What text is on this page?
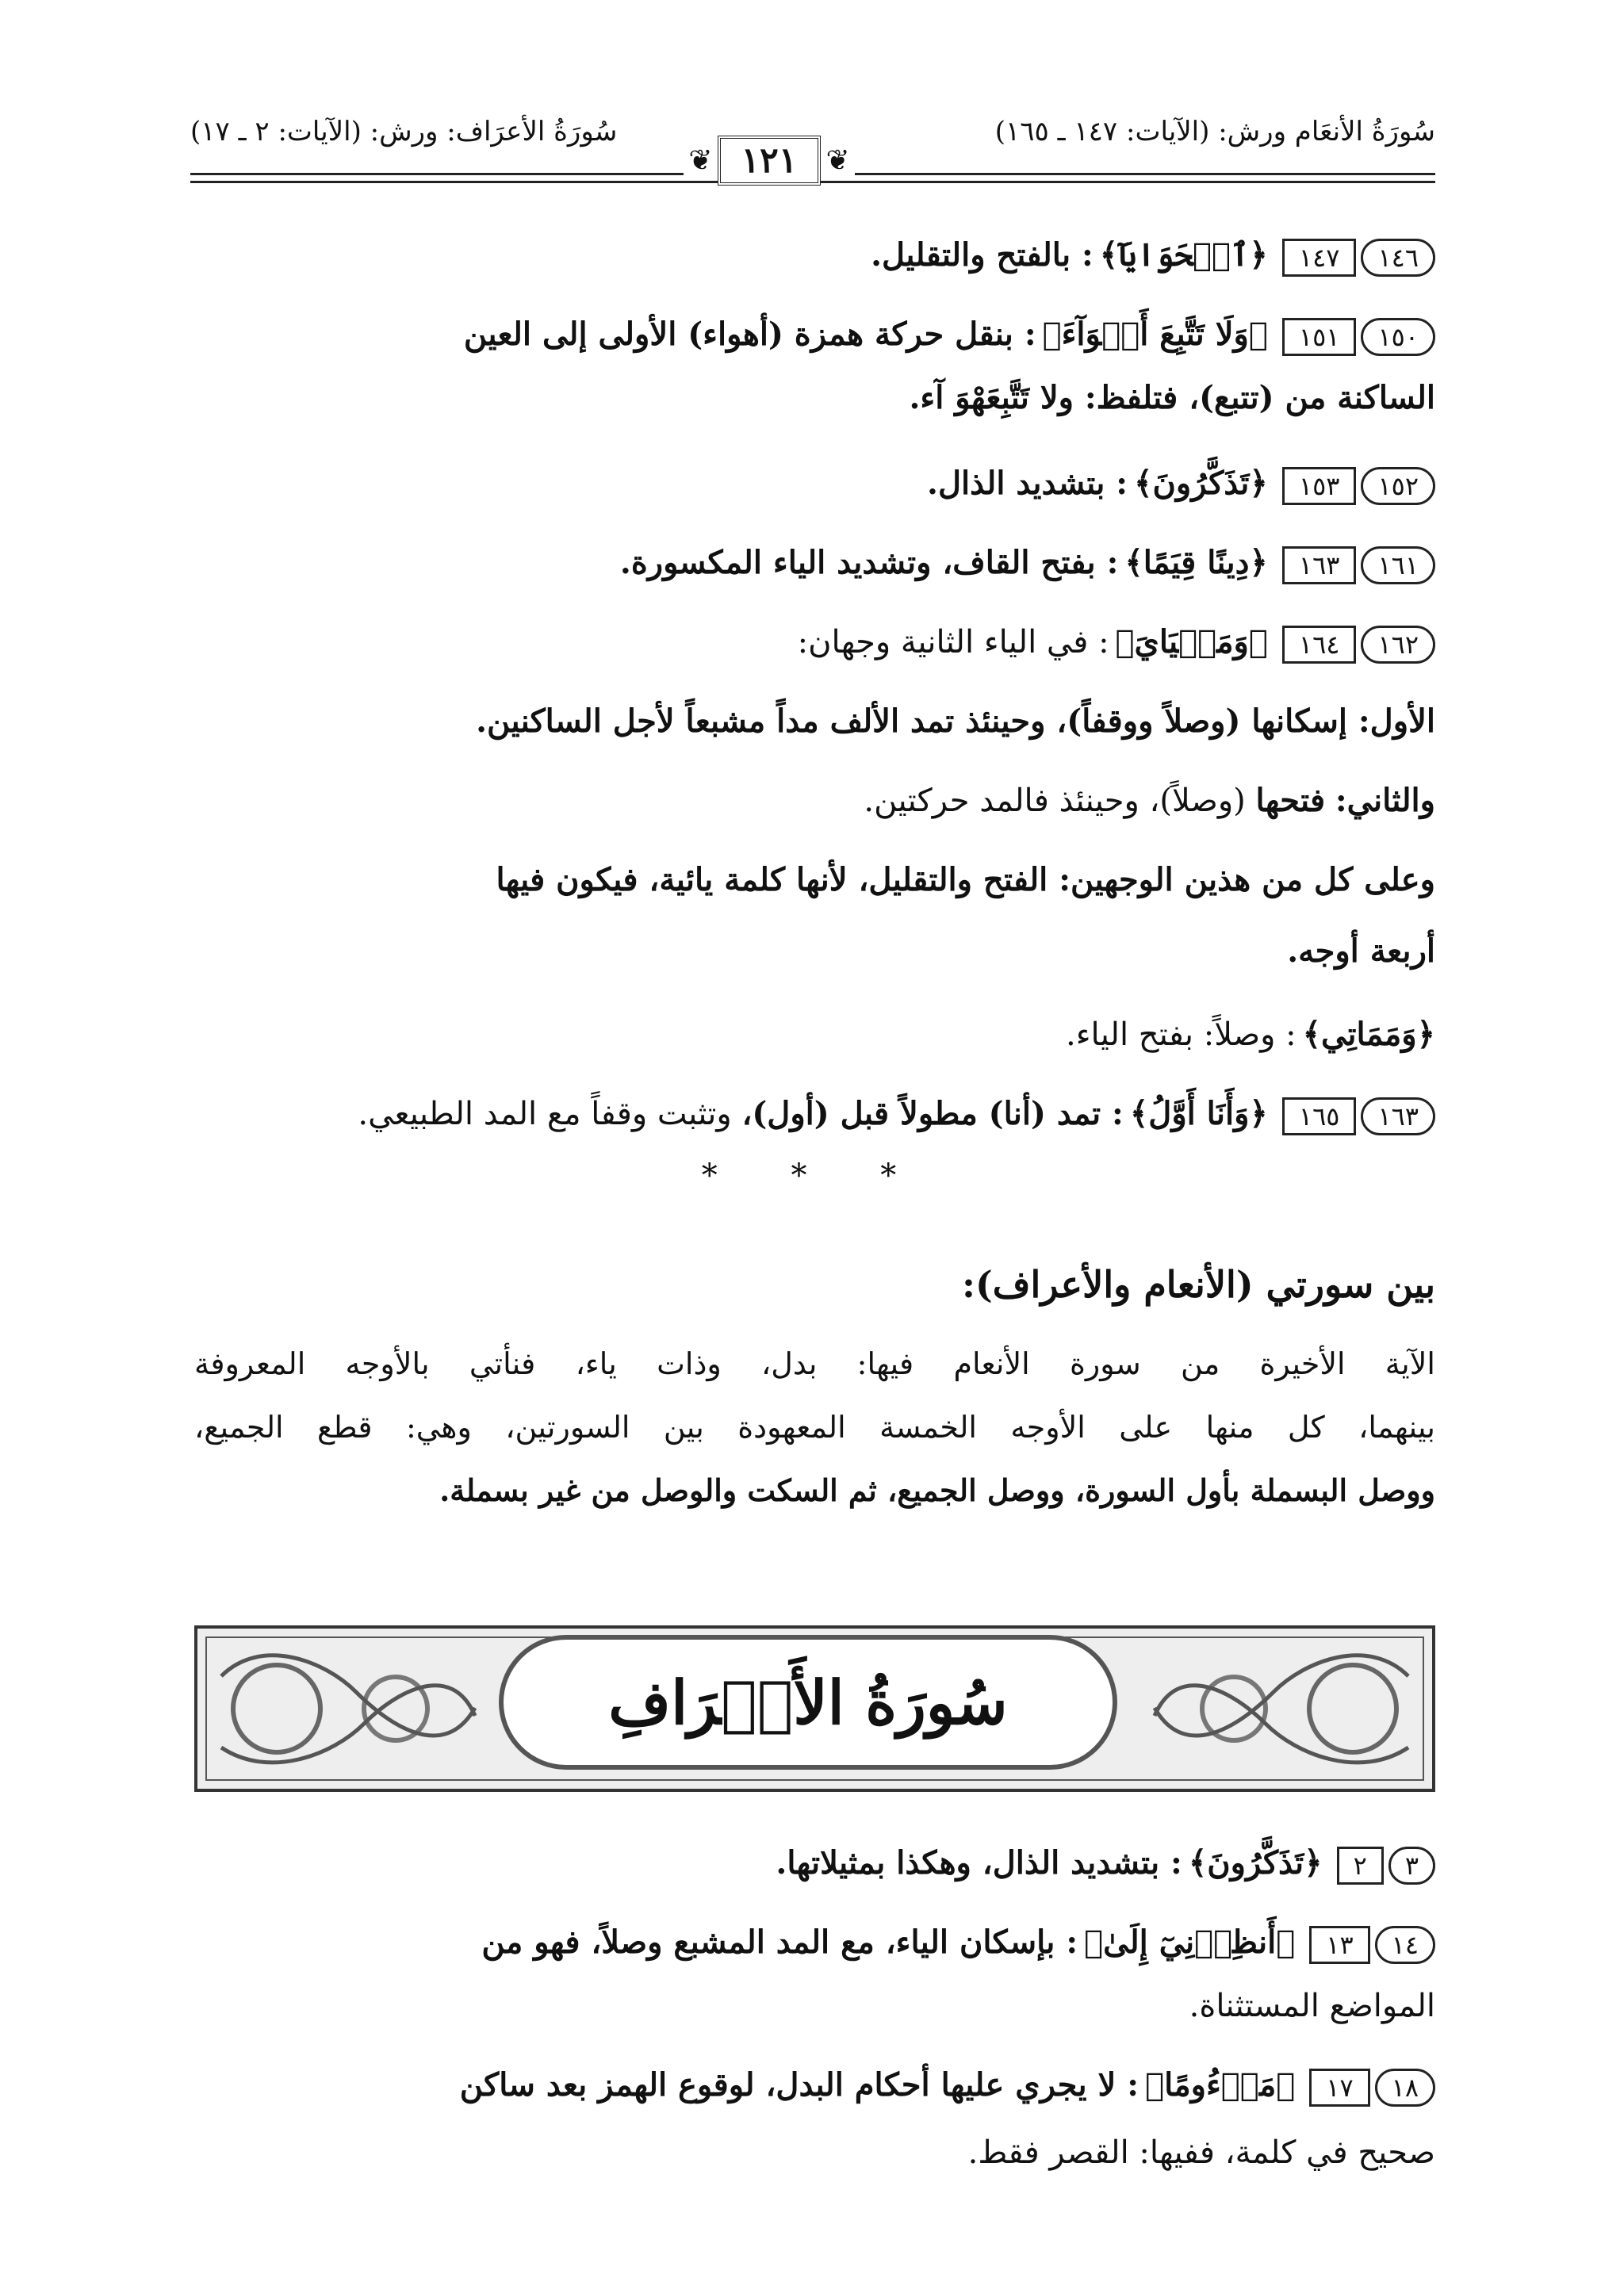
سُورَةُ الأنعَام ورش: (الآيات: ١٤٧ ـ ١٦٥)
سُورَةُ الأعرَاف: ورش: (الآيات: ٢ ـ ١٧)
❦ ١٢١	❦
١٤٦١٤٧﴿ٱلۡحَوَايَآ﴾: بالفتح والتقليل.
١٥٠١٥١﴿وَلَا تَتَّبِعَ أَهۡوَآءَ﴾: بنقل حركة همزة (أهواء) الأولى إلى العين
الساكنة من (تتبع)، فتلفظ: ولا تَتَّبِعَهْوَ آء.
١٥٢١٥٣﴿تَذَكَّرُونَ﴾: بتشديد الذال.
١٦١١٦٣﴿دِينًا قِيَمًا﴾: بفتح القاف، وتشديد الياء المكسورة.
١٦٢١٦٤﴿وَمَحۡيَايَ﴾: في الياء الثانية وجهان:
الأول: إسكانها (وصلاً ووقفاً)، وحينئذ تمد الألف مداً مشبعاً لأجل الساكنين.
والثاني: فتحها (وصلاً)، وحينئذ فالمد حركتين.
وعلى كل من هذين الوجهين: الفتح والتقليل، لأنها كلمة يائية، فيكون فيها
أربعة أوجه.
﴿وَمَمَاتِي﴾: وصلاً: بفتح الياء.
١٦٣١٦٥﴿وَأَنَا أَوَّلُ﴾: تمد (أنا) مطولاً قبل (أول)، وتثبت وقفاً مع المد الطبيعي.
* * *
بين سورتي (الأنعام والأعراف):
الآية الأخيرة من سورة الأنعام فيها: بدل، وذات ياء، فنأتي بالأوجه المعروفة
بينهما، كل منها على الأوجه الخمسة المعهودة بين السورتين، وهي: قطع الجميع،
ووصل البسملة بأول السورة، ووصل الجميع، ثم السكت والوصل من غير بسملة.
٣٢﴿تَذَكَّرُونَ﴾: بتشديد الذال، وهكذا بمثيلاتها.
١٤١٣﴿أَنظِرۡنِيٓ إِلَىٰ﴾: بإسكان الياء، مع المد المشبع وصلاً، فهو من
المواضع المستثناة.
١٨١٧﴿مَذۡءُومًا﴾: لا يجري عليها أحكام البدل، لوقوع الهمز بعد ساكن
صحيح في كلمة، ففيها: القصر فقط.
سُورَةُ الأَعۡرَافِ
